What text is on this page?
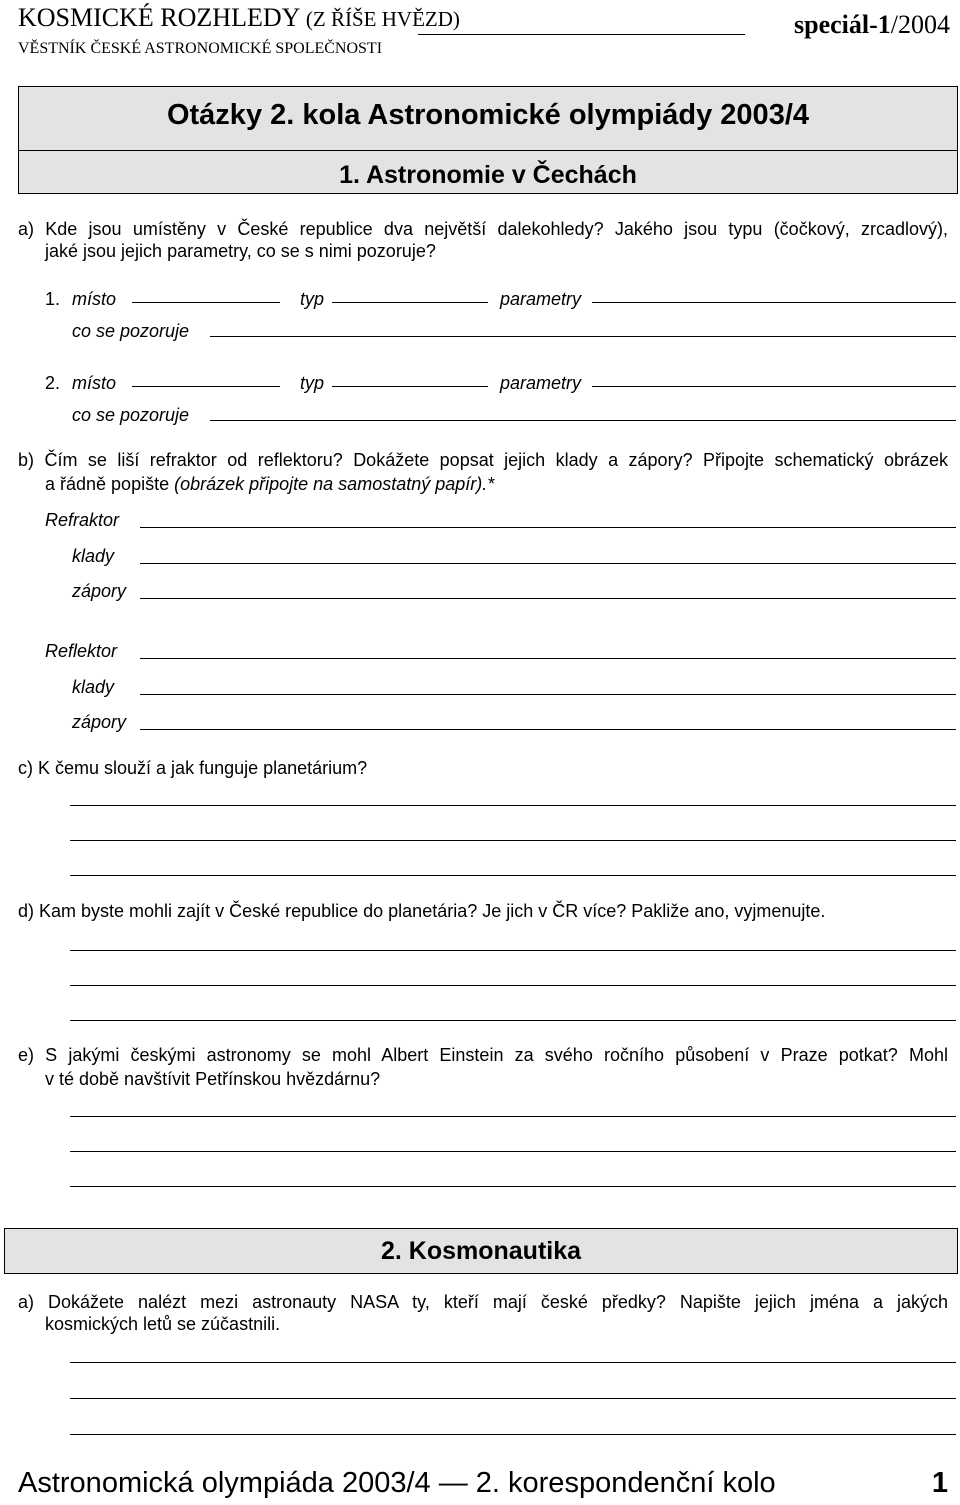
KOSMICKÉ ROZHLEDY (Z ŘÍŠE HVĚZD)
VĚSTNÍK ČESKÉ ASTRONOMICKÉ SPOLEČNOSTI
speciál-1/2004
Otázky 2. kola Astronomické olympiády 2003/4
1. Astronomie v Čechách
a) Kde jsou umístěny v České republice dva největší dalekohledy? Jakého jsou typu (čočkový, zrcadlový),
jaké jsou jejich parametry, co se s nimi pozoruje?
1. místo	typ	parametry
co se pozoruje
2. místo	typ	parametry
co se pozoruje
b) Čím se liší refraktor od reflektoru? Dokážete popsat jejich klady a zápory? Připojte schematický obrázek
a řádně popište (obrázek připojte na samostatný papír).*
Refraktor
klady
zápory
Reflektor
klady
zápory
c) K čemu slouží a jak funguje planetárium?
d) Kam byste mohli zajít v České republice do planetária? Je jich v ČR více? Pakliže ano, vyjmenujte.
e) S jakými českými astronomy se mohl Albert Einstein za svého ročního působení v Praze potkat? Mohl
v té době navštívit Petřínskou hvězdárnu?
2. Kosmonautika
a) Dokážete nalézt mezi astronauty NASA ty, kteří mají české předky? Napište jejich jména a jakých
kosmických letů se zúčastnili.
Astronomická olympiáda 2003/4 — 2. korespondenční kolo	1
